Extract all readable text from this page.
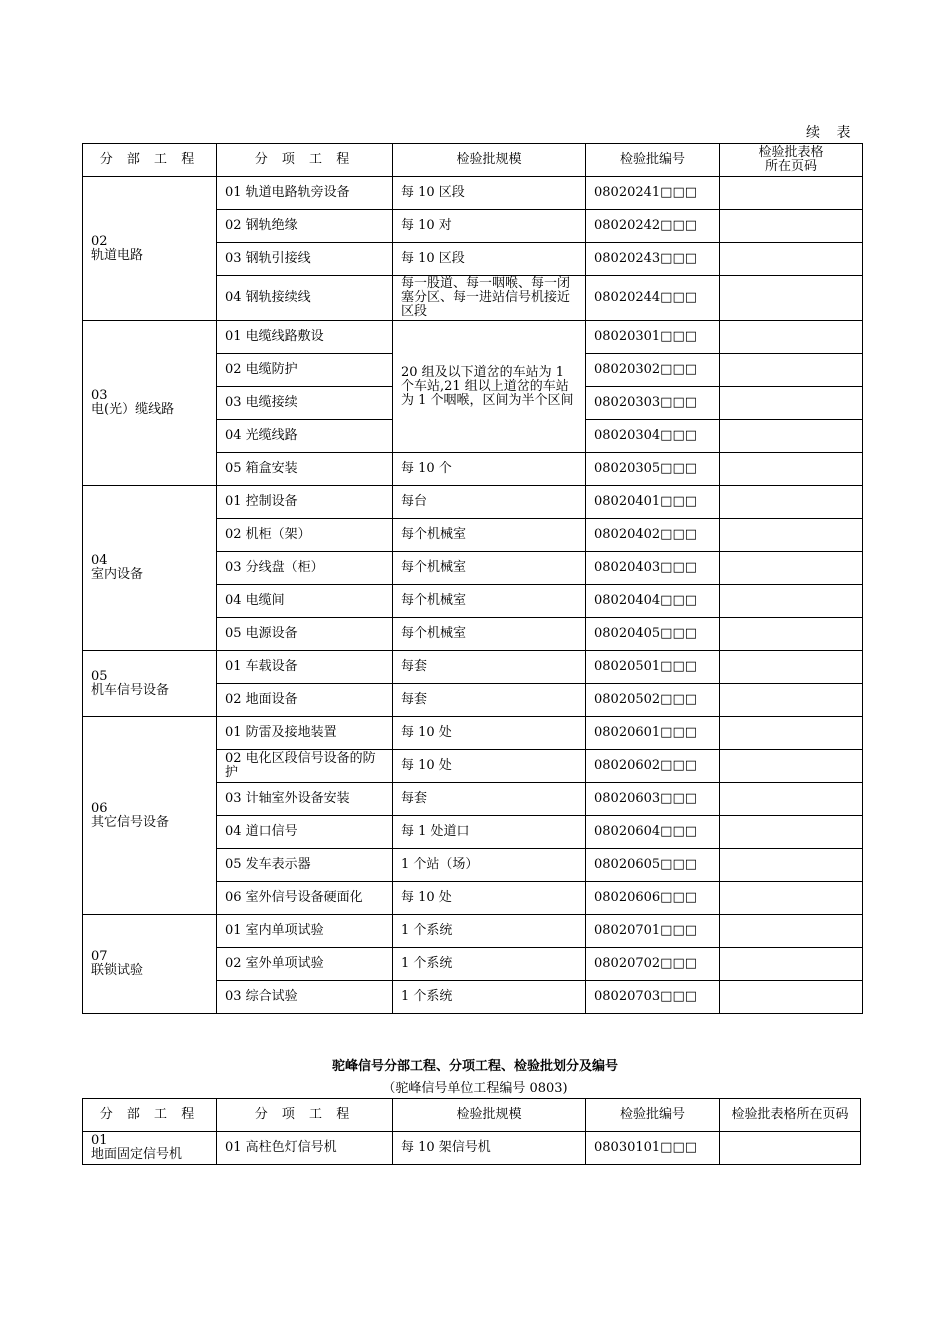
续 表
分 部 工 程	分 项 工 程	检验批规模	检验批编号	检验批表格
所在页码

02
轨道电路	01 轨道电路轨旁设备	每 10 区段	08020241□□□	
	02 钢轨绝缘	每 10 对	08020242□□□	
	03 钢轨引接线	每 10 区段	08020243□□□	
	04 钢轨接续线	每一股道、每一咽喉、每一闭塞分区、每一进站信号机接近区段	08020244□□□	

03
电(光）缆线路	01 电缆线路敷设	20 组及以下道岔的车站为 1 个车站,21 组以上道岔的车站为 1 个咽喉，区间为半个区间	08020301□□□	
	02 电缆防护		08020302□□□	
	03 电缆接续		08020303□□□	
	04 光缆线路		08020304□□□	
	05 箱盒安装	每 10 个	08020305□□□	

04
室内设备	01 控制设备	每台	08020401□□□	
	02 机柜（架）	每个机械室	08020402□□□	
	03 分线盘（柜）	每个机械室	08020403□□□	
	04 电缆间	每个机械室	08020404□□□	
	05 电源设备	每个机械室	08020405□□□	

05
机车信号设备	01 车载设备	每套	08020501□□□	
	02 地面设备	每套	08020502□□□	

06
其它信号设备	01 防雷及接地装置	每 10 处	08020601□□□	
	02 电化区段信号设备的防护	每 10 处	08020602□□□	
	03 计轴室外设备安装	每套	08020603□□□	
	04 道口信号	每 1 处道口	08020604□□□	
	05 发车表示器	1 个站（场）	08020605□□□	
	06 室外信号设备硬面化	每 10 处	08020606□□□	

07
联锁试验	01 室内单项试验	1 个系统	08020701□□□	
	02 室外单项试验	1 个系统	08020702□□□	
	03 综合试验	1 个系统	08020703□□□	
驼峰信号分部工程、分项工程、检验批划分及编号
（驼峰信号单位工程编号 0803)
分 部 工 程	分 项 工 程	检验批规模	检验批编号	检验批表格所在页码

01
地面固定信号机	01 高柱色灯信号机	每 10 架信号机	08030101□□□	
